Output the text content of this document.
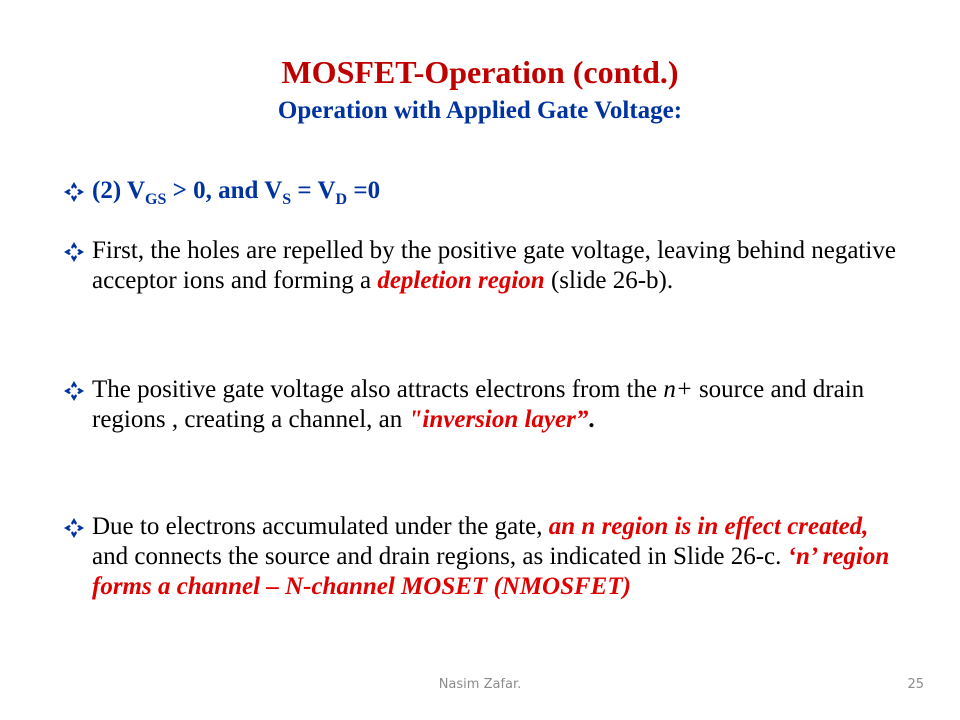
MOSFET-Operation (contd.)
Operation with Applied Gate Voltage:
(2) $V_{GS} > 0$, and $V_S = V_D =0$
First, the holes are repelled by the positive gate voltage, leaving behind negative acceptor ions and forming a depletion region (slide 26-b).
The positive gate voltage also attracts electrons from the n+ source and drain regions , creating a channel, an "inversion layer”.
Due to electrons accumulated under the gate, an n region is in effect created, and connects the source and drain regions, as indicated in Slide 26-c. ‘n’ region forms a channel – N-channel MOSET (NMOSFET)
Nasim Zafar.	25
